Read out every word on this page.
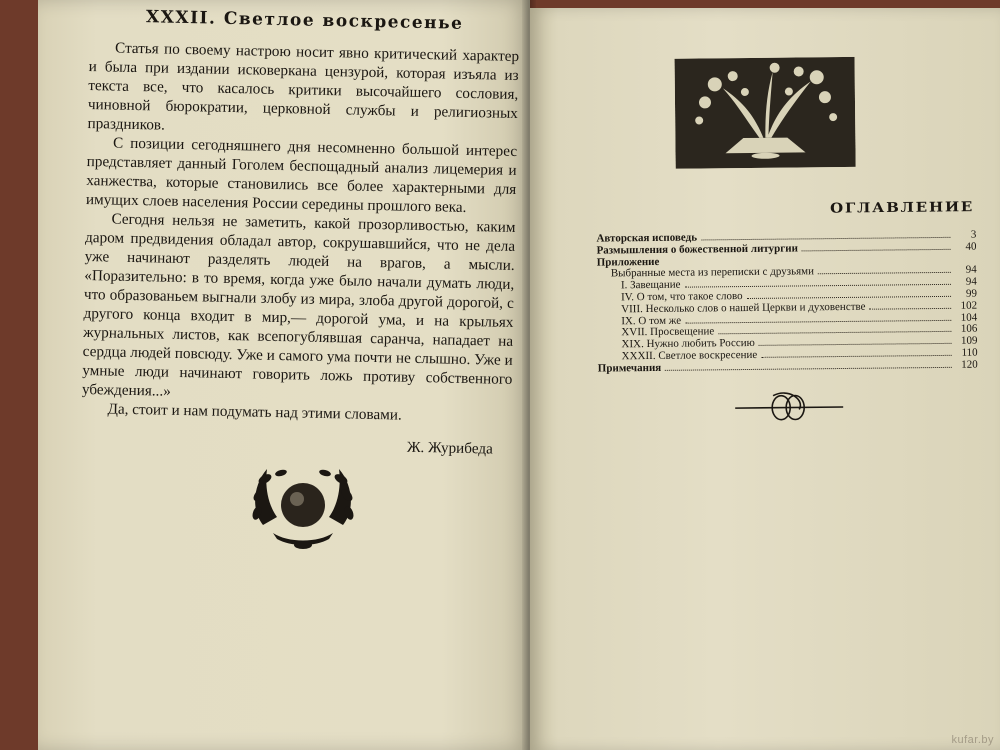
XXXII. Светлое воскресенье

Статья по своему настрою носит явно критический характер и была при издании исковеркана цензурой, которая изъяла из текста все, что касалось критики высочайшего сословия, чиновной бюрократии, церковной службы и религиозных праздников.

С позиции сегодняшнего дня несомненно большой интерес представляет данный Гоголем беспощадный анализ лицемерия и ханжества, которые становились все более характерными для имущих слоев населения России середины прошлого века.

Сегодня нельзя не заметить, какой прозорливостью, каким даром предвидения обладал автор, сокрушавшийся, что не дела уже начинают разделять людей на врагов, а мысли. «Поразительно: в то время, когда уже было начали думать люди, что образованьем выгнали злобу из мира, злоба другой дорогой, с другого конца входит в мир,— дорогой ума, и на крыльях журнальных листов, как всепогублявшая саранча, нападает на сердца людей повсюду. Уже и самого ума почти не слышно. Уже и умные люди начинают говорить ложь противу собственного убеждения...»

Да, стоит и нам подумать над этими словами.

Ж. Журибеда
ОГЛАВЛЕНИЕ
Авторская исповедь	3
Размышления о божественной литургии	40
Приложение
Выбранные места из переписки с друзьями	94
I. Завещание	94
IV. О том, что такое слово	99
VIII. Несколько слов о нашей Церкви и духовенстве	102
IX. О том же	104
XVII. Просвещение	106
XIX. Нужно любить Россию	109
XXXII. Светлое воскресение	110
Примечания	120
kufar.by
